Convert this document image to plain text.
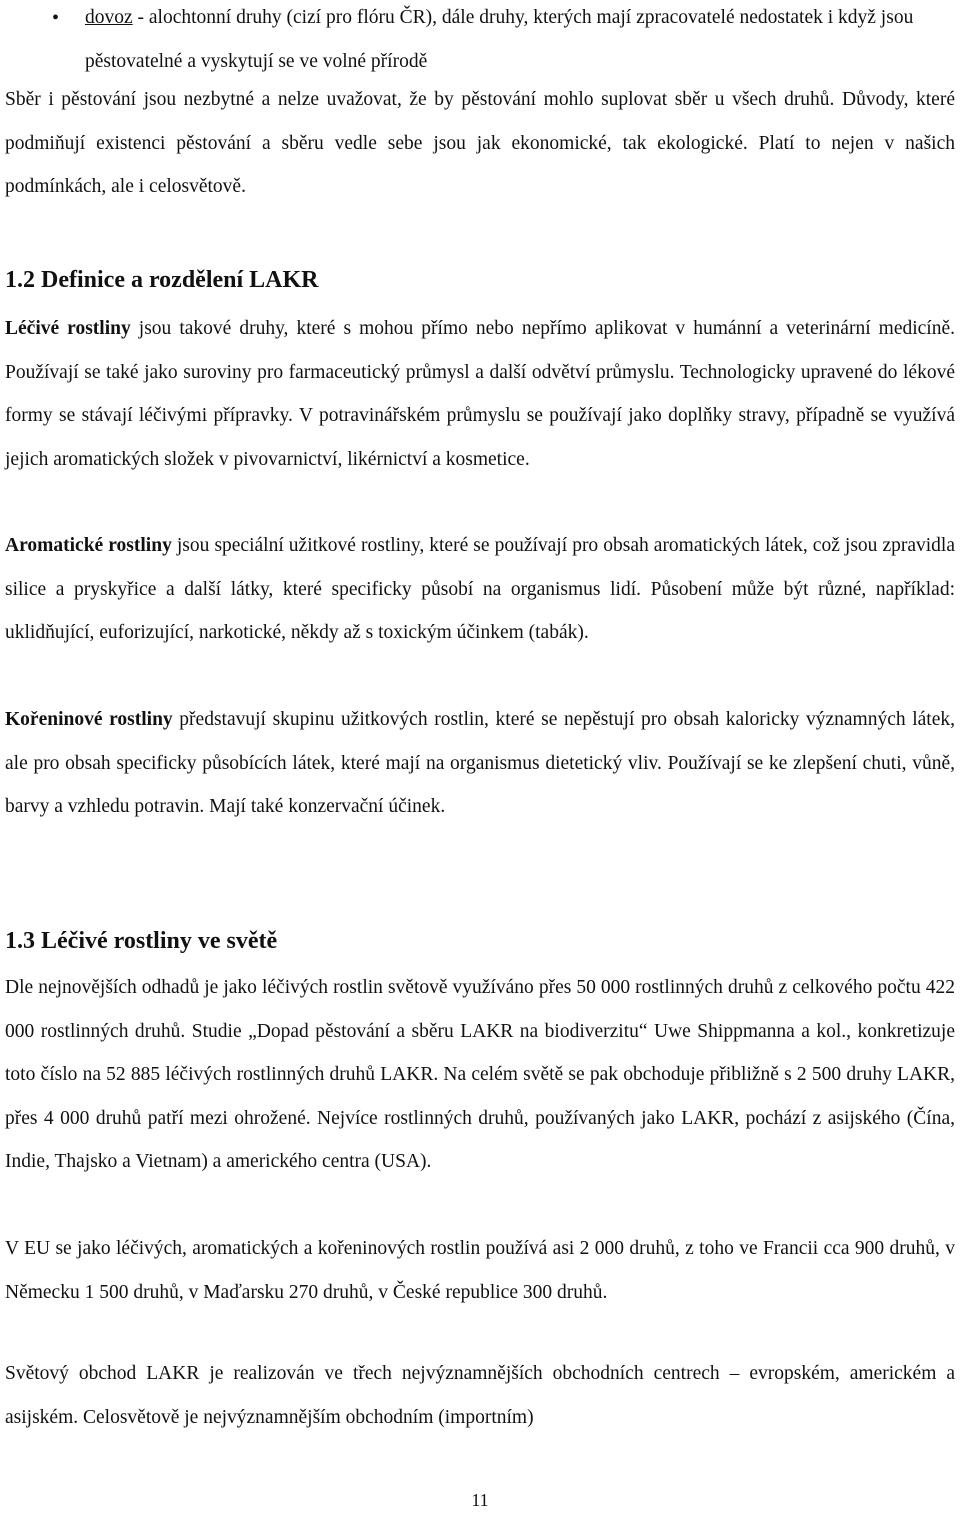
• dovoz - alochtonní druhy (cizí pro flóru ČR), dále druhy, kterých mají zpracovatelé nedostatek i když jsou pěstovatelné a vyskytují se ve volné přírodě

Sběr i pěstování jsou nezbytné a nelze uvažovat, že by pěstování mohlo suplovat sběr u všech druhů. Důvody, které podmiňují existenci pěstování a sběru vedle sebe jsou jak ekonomické, tak ekologické. Platí to nejen v našich podmínkách, ale i celosvětově.

1.2 Definice a rozdělení LAKR

Léčivé rostliny jsou takové druhy, které s mohou přímo nebo nepřímo aplikovat v humánní a veterinární medicíně. Používají se také jako suroviny pro farmaceutický průmysl a další odvětví průmyslu. Technologicky upravené do lékové formy se stávají léčivými přípravky. V potravinářském průmyslu se používají jako doplňky stravy, případně se využívá jejich aromatických složek v pivovarnictví, likérnictví a kosmetice.

Aromatické rostliny jsou speciální užitkové rostliny, které se používají pro obsah aromatických látek, což jsou zpravidla silice a pryskyřice a další látky, které specificky působí na organismus lidí. Působení může být různé, například: uklidňující, euforizující, narkotické, někdy až s toxickým účinkem (tabák).

Kořeninové rostliny představují skupinu užitkových rostlin, které se nepěstují pro obsah kaloricky významných látek, ale pro obsah specificky působících látek, které mají na organismus dietetický vliv. Používají se ke zlepšení chuti, vůně, barvy a vzhledu potravin. Mají také konzervační účinek.

1.3 Léčivé rostliny ve světě

Dle nejnovějších odhadů je jako léčivých rostlin světově využíváno přes 50 000 rostlinných druhů z celkového počtu 422 000 rostlinných druhů. Studie „Dopad pěstování a sběru LAKR na biodiverzitu“ Uwe Shippmanna a kol., konkretizuje toto číslo na 52 885 léčivých rostlinných druhů LAKR. Na celém světě se pak obchoduje přibližně s 2 500 druhy LAKR, přes 4 000 druhů patří mezi ohrožené. Nejvíce rostlinných druhů, používaných jako LAKR, pochází z asijského (Čína, Indie, Thajsko a Vietnam) a amerického centra (USA).

V EU se jako léčivých, aromatických a kořeninových rostlin používá asi 2 000 druhů, z toho ve Francii cca 900 druhů, v Německu 1 500 druhů, v Maďarsku 270 druhů, v České republice 300 druhů.

Světový obchod LAKR je realizován ve třech nejvýznamnějších obchodních centrech – evropském, americkém a asijském. Celosvětově je nejvýznamnějším obchodním (importním)

11
